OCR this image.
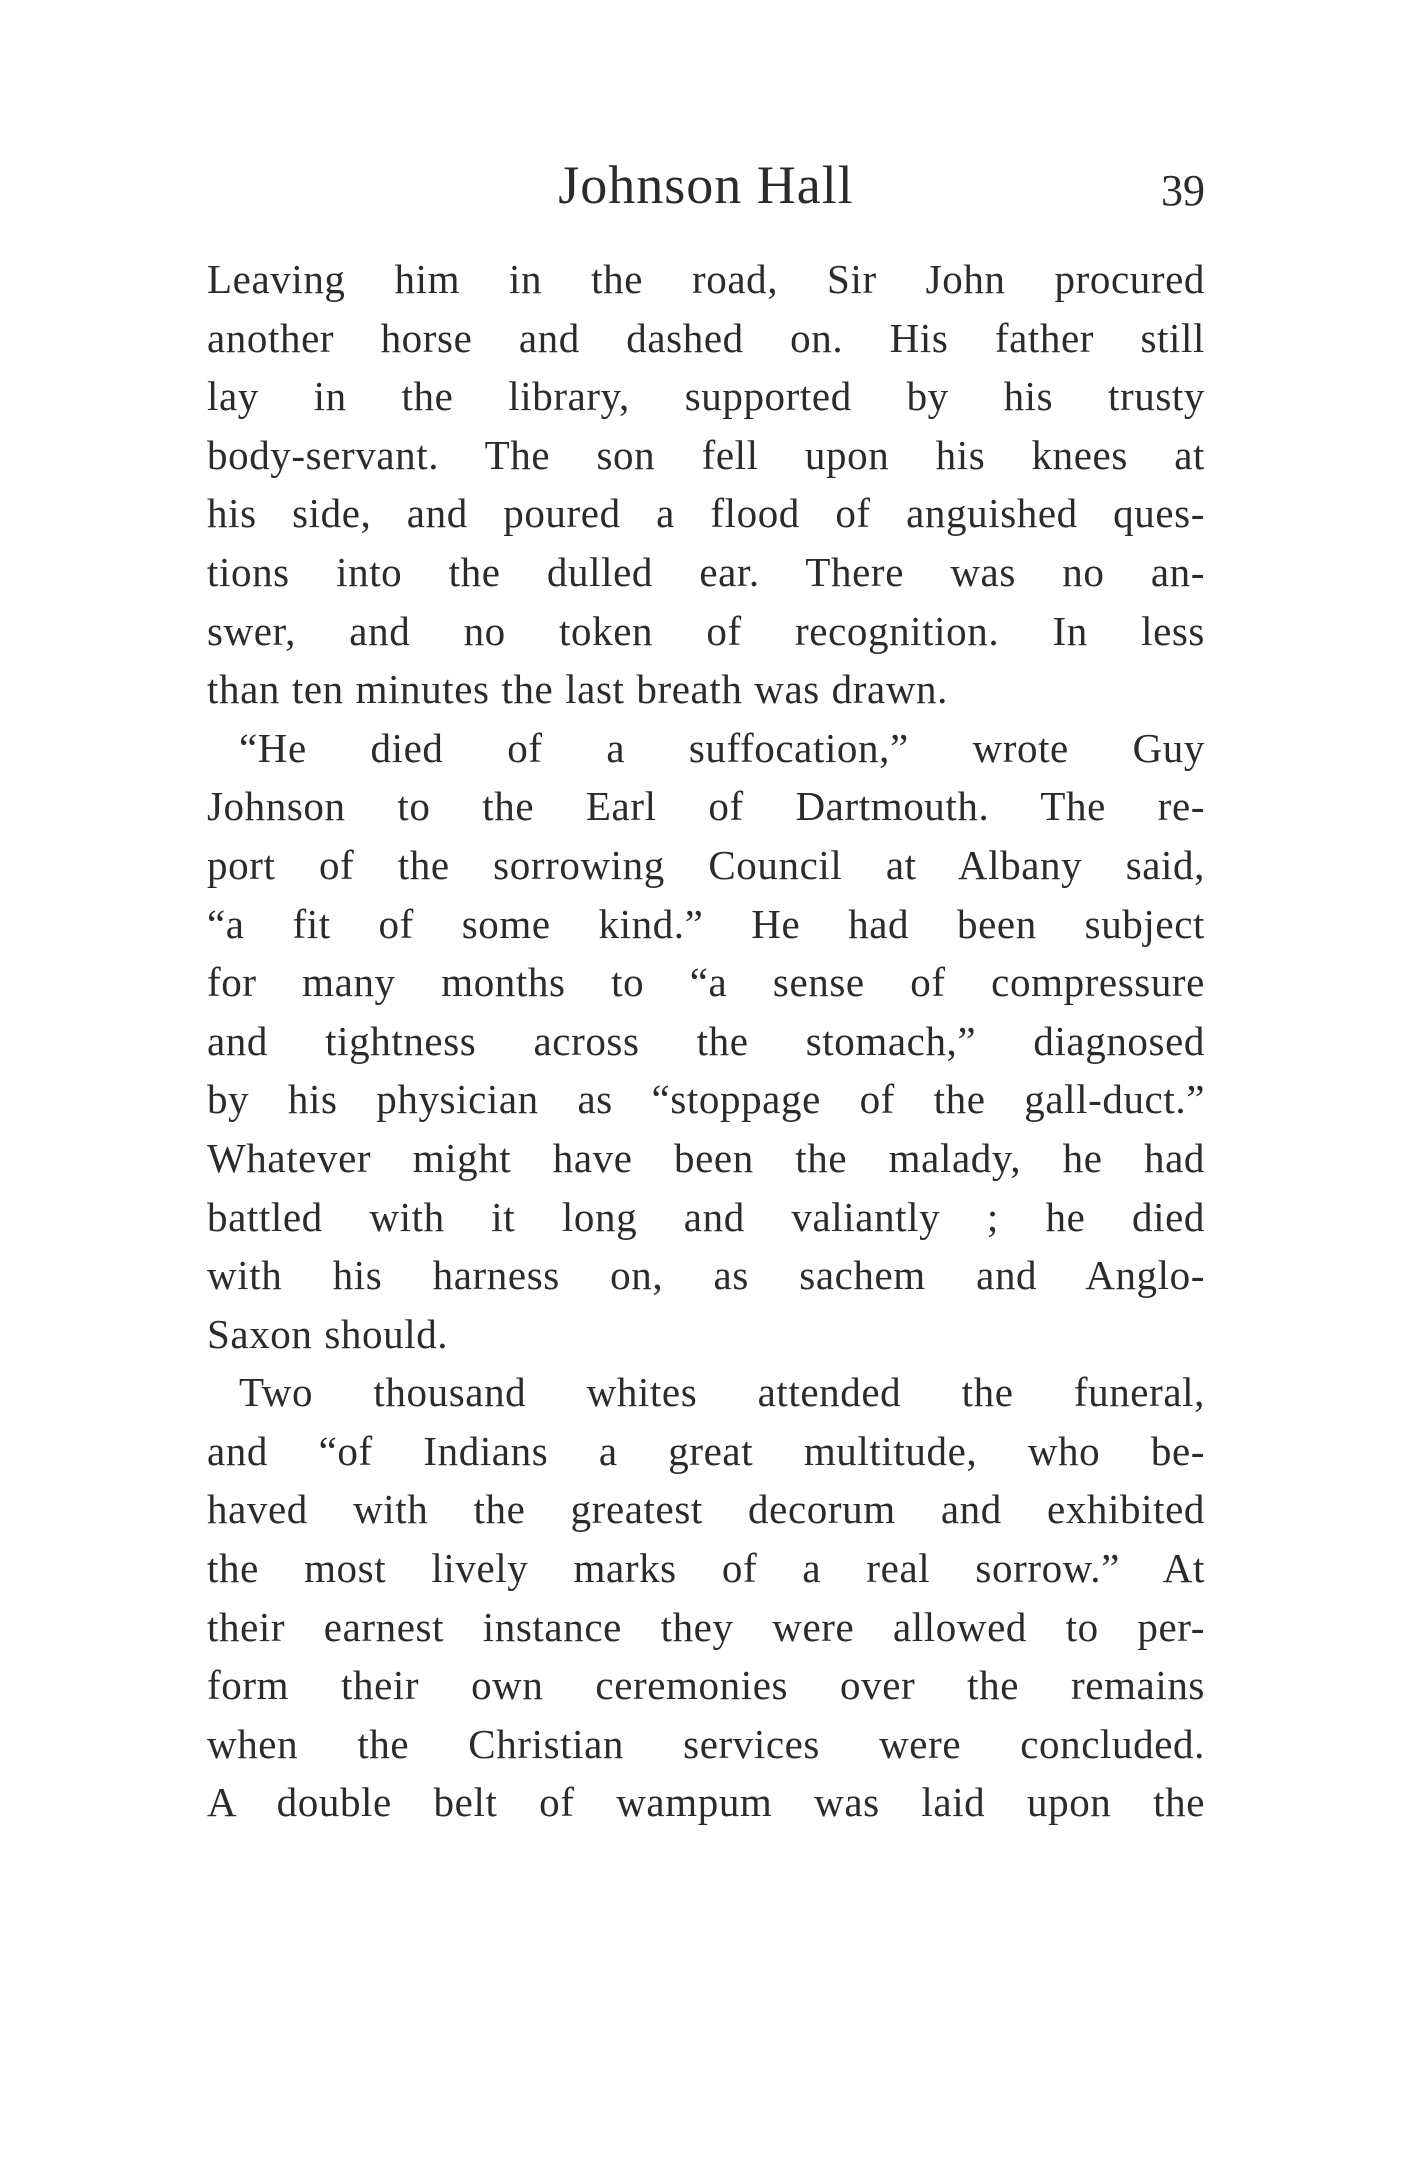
Johnson Hall	39
Leaving him in the road, Sir John procured
another horse and dashed on. His father still
lay in the library, supported by his trusty
body-servant. The son fell upon his knees at
his side, and poured a flood of anguished ques-
tions into the dulled ear. There was no an-
swer, and no token of recognition. In less
than ten minutes the last breath was drawn.
“He died of a suffocation,” wrote Guy
Johnson to the Earl of Dartmouth. The re-
port of the sorrowing Council at Albany said,
“a fit of some kind.” He had been subject
for many months to “a sense of compressure
and tightness across the stomach,” diagnosed
by his physician as “stoppage of the gall-duct.”
Whatever might have been the malady, he had
battled with it long and valiantly ; he died
with his harness on, as sachem and Anglo-
Saxon should.
Two thousand whites attended the funeral,
and “of Indians a great multitude, who be-
haved with the greatest decorum and exhibited
the most lively marks of a real sorrow.” At
their earnest instance they were allowed to per-
form their own ceremonies over the remains
when the Christian services were concluded.
A double belt of wampum was laid upon the
